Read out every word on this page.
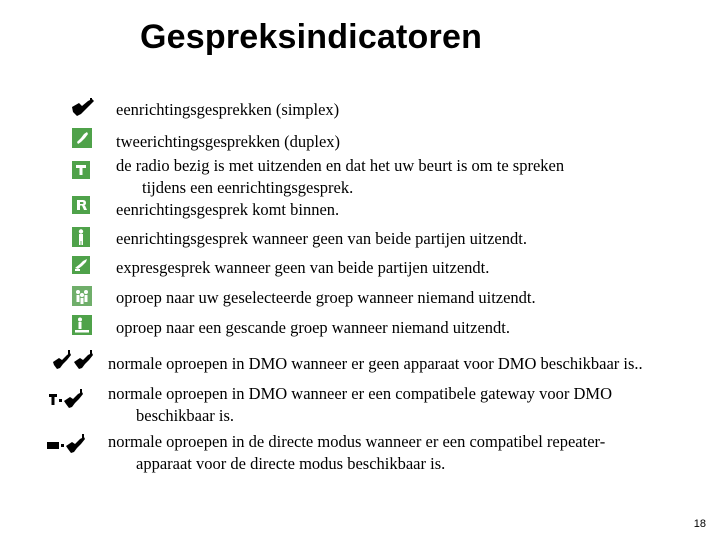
Gespreksindicatoren
eenrichtingsgesprekken (simplex)
tweerichtingsgesprekken (duplex)
de radio bezig is met uitzenden en dat het uw beurt is om te spreken
tijdens een eenrichtingsgesprek.
eenrichtingsgesprek komt binnen.
eenrichtingsgesprek wanneer geen van beide partijen uitzendt.
expresgesprek wanneer geen van beide partijen uitzendt.
oproep naar uw geselecteerde groep wanneer niemand uitzendt.
oproep naar een gescande groep wanneer niemand uitzendt.
normale oproepen in DMO wanneer er geen apparaat voor DMO beschikbaar is..
normale oproepen in DMO wanneer er een compatibele gateway voor DMO
beschikbaar is.
normale oproepen in de directe modus wanneer er een compatibel repeater-
apparaat voor de directe modus beschikbaar is.
18
